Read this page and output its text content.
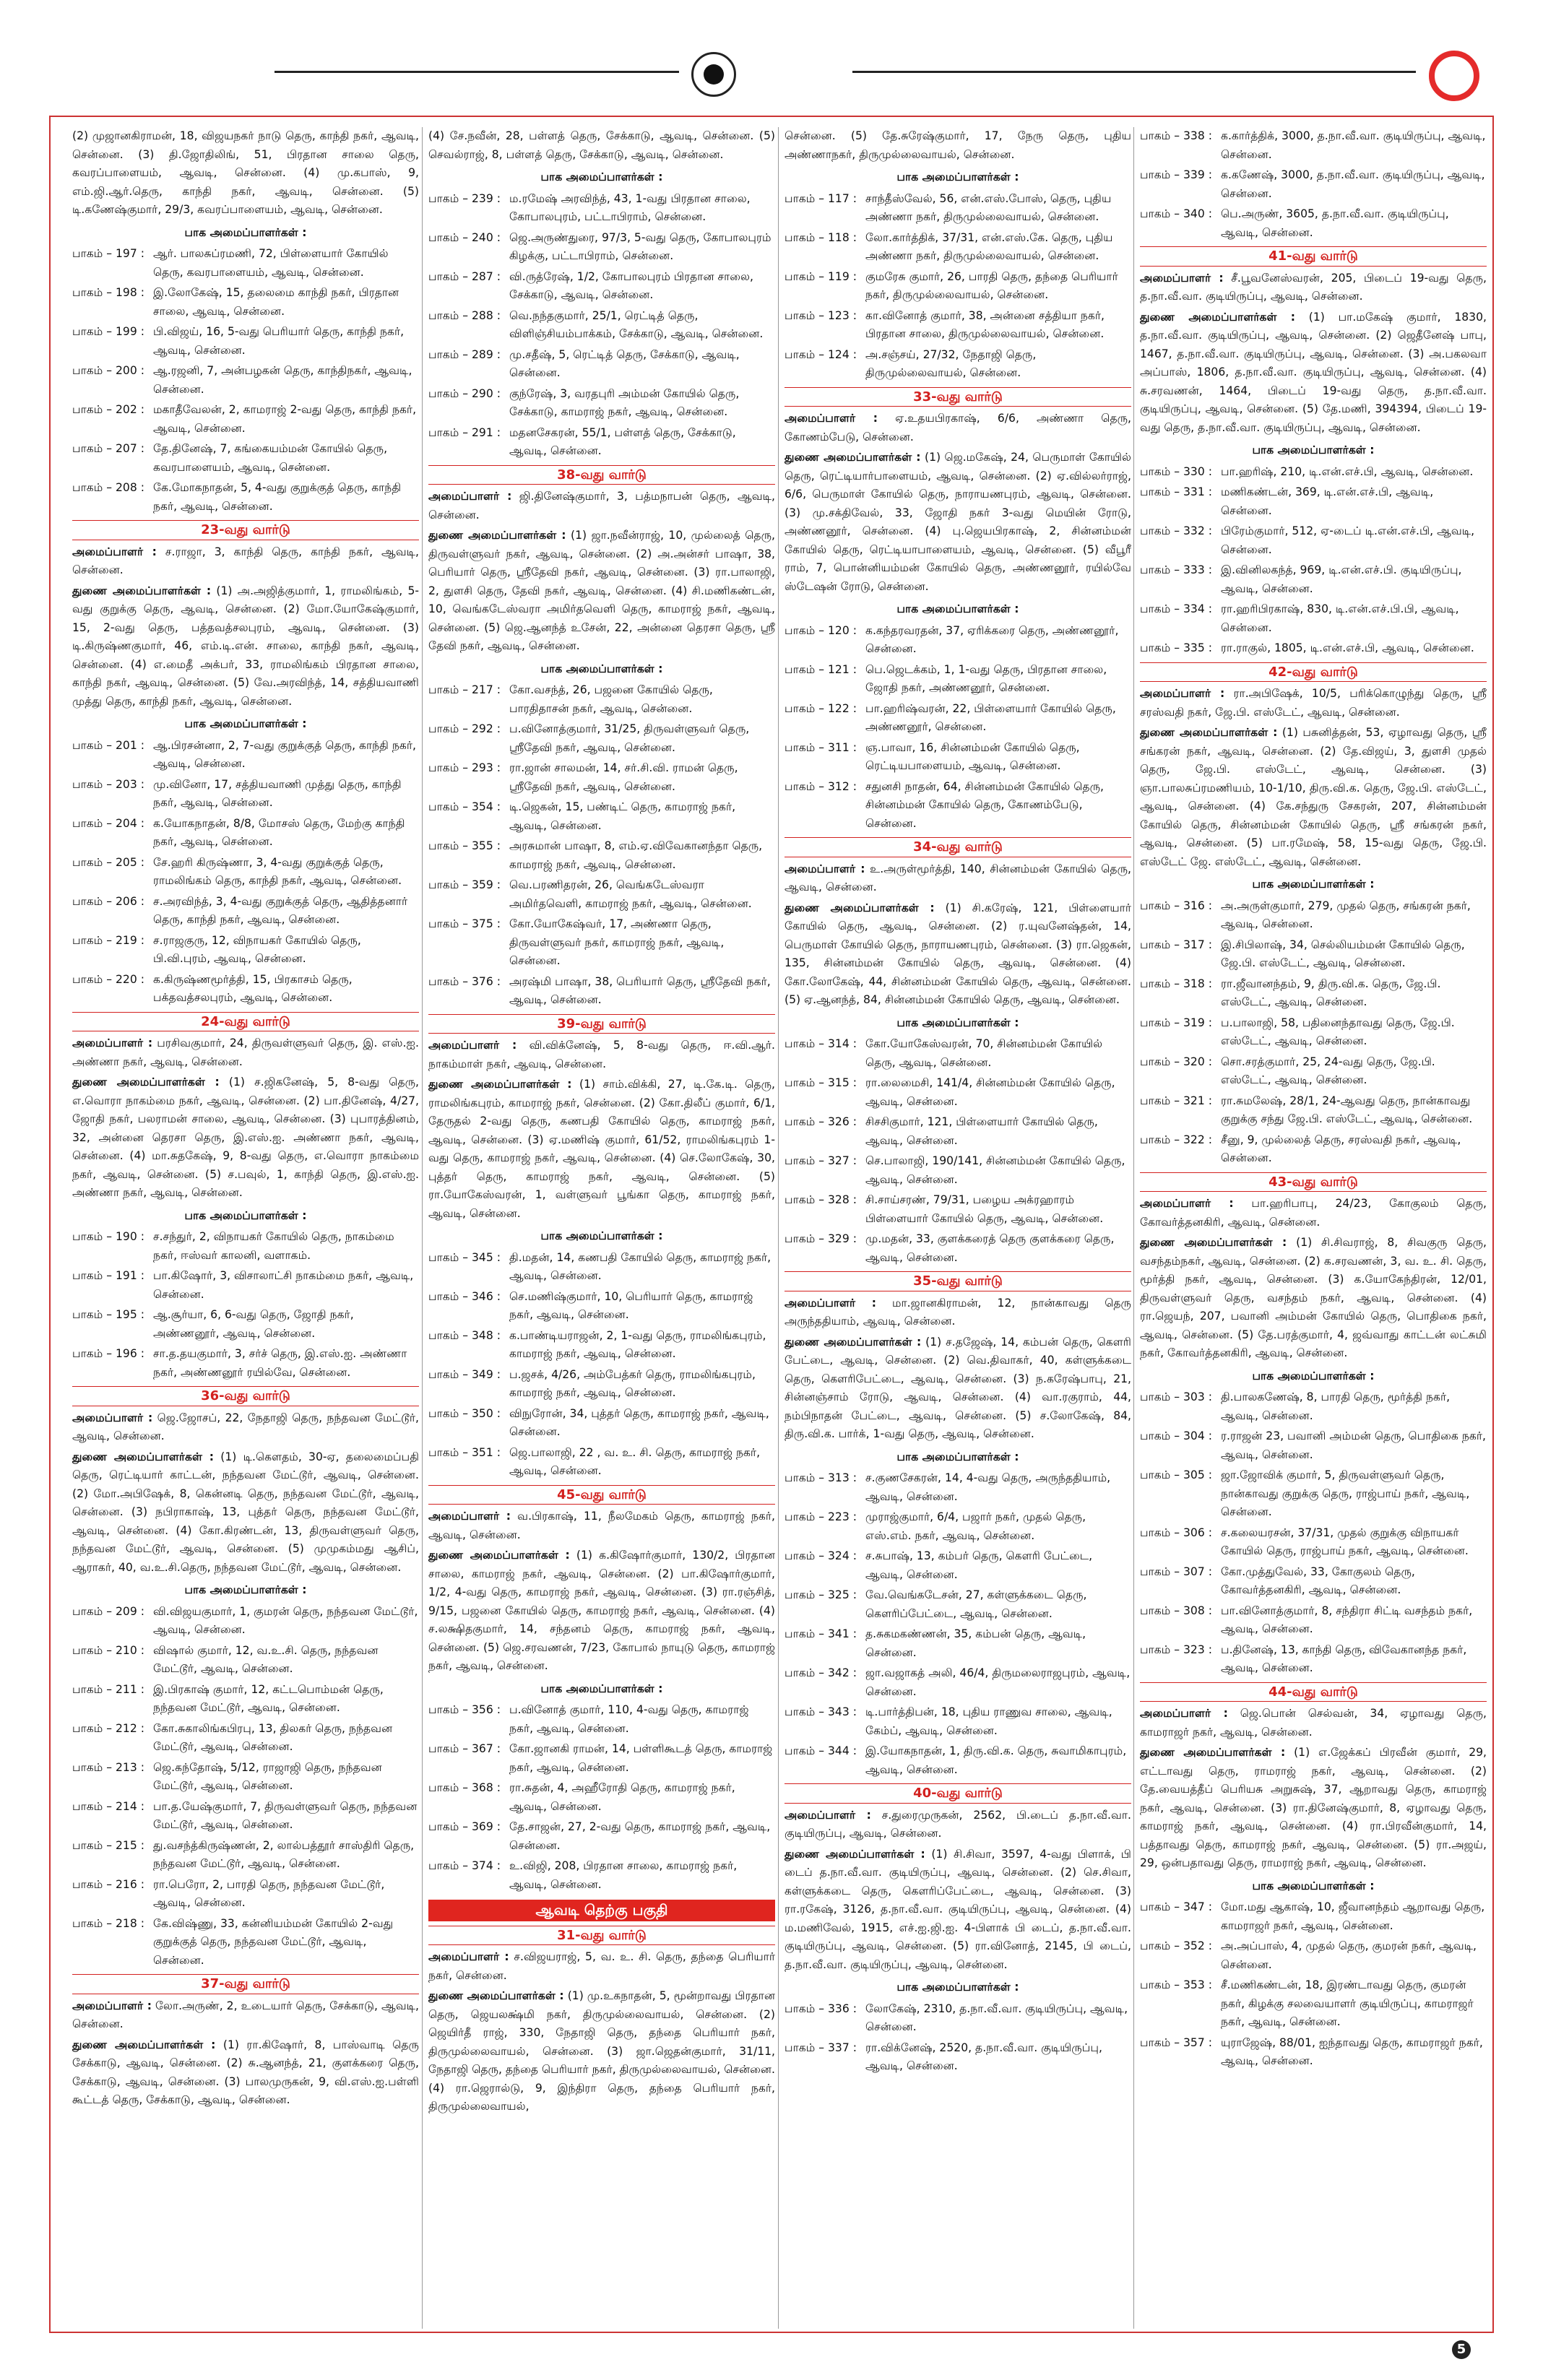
(2) முஜானகிராமன், 18, விஜயநகர் நாடு தெரு, காந்தி நகர், ஆவடி, சென்னை. (3) தி.ஜோதிலிங், 51, பிரதான சாலை தெரு, கவரப்பாளையம், ஆவடி, சென்னை. (4) மு.கபாஸ், 9, எம்.ஜி.ஆர்.தெரு, காந்தி நகர், ஆவடி, சென்னை. (5) டி.கணேஷ்குமார், 29/3, கவரப்பாளையம், ஆவடி, சென்னை.
பாக அமைப்பாளர்கள் :
பாகம் – 197 : ஆர். பாலசுப்ரமணி, 72, பிள்ளையார் கோயில் தெரு, கவரபாளையம், ஆவடி, சென்னை.
பாகம் – 198 : இ.லோகேஷ், 15, தலைமை காந்தி நகர், பிரதான சாலை, ஆவடி, சென்னை.
பாகம் – 199 : பி.விஜய், 16, 5-வது பெரியார் தெரு, காந்தி நகர், ஆவடி, சென்னை.
பாகம் – 200 : ஆ.ரஜனி, 7, அன்பழகன் தெரு, காந்திநகர், ஆவடி, சென்னை.
பாகம் – 202 : மகாதீவேலன், 2, காமராஜ் 2-வது தெரு, காந்தி நகர், ஆவடி, சென்னை.
பாகம் – 207 : தே.தினேஷ், 7, கங்கையம்மன் கோயில் தெரு, கவரபாளையம், ஆவடி, சென்னை.
பாகம் – 208 : கே.மோகநாதன், 5, 4-வது குறுக்குத் தெரு, காந்தி நகர், ஆவடி, சென்னை.
23-வது வார்டு
அமைப்பாளர் : ச.ராஜா, 3, காந்தி தெரு, காந்தி நகர், ஆவடி, சென்னை.
துணை அமைப்பாளர்கள் : (1) அ.அஜித்குமார், 1, ராமலிங்கம், 5-வது குறுக்கு தெரு, ஆவடி, சென்னை. (2) மோ.யோகேஷ்குமார், 15, 2-வது தெரு, பத்தவத்சலபுரம், ஆவடி, சென்னை. (3) டி.கிருஷ்ணகுமார், 46, எம்.டி.என். சாலை, காந்தி நகர், ஆவடி, சென்னை. (4) எ.மைதீ அக்பர், 33, ராமலிங்கம் பிரதான சாலை, காந்தி நகர், ஆவடி, சென்னை. (5) வே.அரவிந்த், 14, சத்தியவாணி முத்து தெரு, காந்தி நகர், ஆவடி, சென்னை.
பாக அமைப்பாளர்கள் :
பாகம் – 201 : ஆ.பிரசன்னா, 2, 7-வது குறுக்குத் தெரு, காந்தி நகர், ஆவடி, சென்னை.
பாகம் – 203 : மு.வினோ, 17, சத்தியவாணி முத்து தெரு, காந்தி நகர், ஆவடி, சென்னை.
பாகம் – 204 : க.யோகநாதன், 8/8, மோசஸ் தெரு, மேற்கு காந்தி நகர், ஆவடி, சென்னை.
பாகம் – 205 : சே.ஹரி கிருஷ்ணா, 3, 4-வது குறுக்குத் தெரு, ராமலிங்கம் தெரு, காந்தி நகர், ஆவடி, சென்னை.
பாகம் – 206 : ச.அரவிந்த், 3, 4-வது குறுக்குத் தெரு, ஆதித்தனார் தெரு, காந்தி நகர், ஆவடி, சென்னை.
பாகம் – 219 : ச.ராஜகுரு, 12, விநாயகர் கோயில் தெரு, பி.வி.புரம், ஆவடி, சென்னை.
பாகம் – 220 : க.கிருஷ்ணமூர்த்தி, 15, பிரகாசம் தெரு, பக்தவத்சலபுரம், ஆவடி, சென்னை.
24-வது வார்டு
அமைப்பாளர் : பரசிவகுமார், 24, திருவள்ளுவர் தெரு, இ. எஸ்.ஐ. அண்ணா நகர், ஆவடி, சென்னை.
துணை அமைப்பாளர்கள் : (1) ச.ஜிகனேஷ், 5, 8-வது தெரு, எ.வொரா நாகம்மை நகர், ஆவடி, சென்னை. (2) பா.தினேஷ், 4/27, ஜோதி நகர், பலராமன் சாலை, ஆவடி, சென்னை. (3) புபாரத்தினம், 32, அன்னை தெரசா தெரு, இ.எஸ்.ஐ. அண்ணா நகர், ஆவடி, சென்னை. (4) மா.சுதகேஷ், 9, 8-வது தெரு, எ.வொரா நாகம்மை நகர், ஆவடி, சென்னை. (5) ச.பவுல், 1, காந்தி தெரு, இ.எஸ்.ஐ. அண்ணா நகர், ஆவடி, சென்னை.
பாக அமைப்பாளர்கள் :
பாகம் – 190 : ச.சந்துர், 2, விநாயகர் கோயில் தெரு, நாகம்மை நகர், ஈஸ்வர் காலனி, வளாகம்.
பாகம் – 191 : பா.கிஷோர், 3, விசாலாட்சி நாகம்மை நகர், ஆவடி, சென்னை.
பாகம் – 195 : ஆ.சூர்யா, 6, 6-வது தெரு, ஜோதி நகர், அண்ணனூர், ஆவடி, சென்னை.
பாகம் – 196 : சா.த.தயகுமார், 3, சர்ச் தெரு, இ.எஸ்.ஐ. அண்ணா நகர், அண்ணனூர் ரயில்வே, சென்னை.
36-வது வார்டு
அமைப்பாளர் : ஜெ.ஜோசப், 22, நேதாஜி தெரு, நந்தவன மேட்டூர், ஆவடி, சென்னை.
துணை அமைப்பாளர்கள் : (1) டி.கௌதம், 30-ஏ, தலைமைப்பதி தெரு, ரெட்டியார் காட்டன், நந்தவன மேட்டூர், ஆவடி, சென்னை. (2) மோ.அபிஷேக், 8, கென்னடி தெரு, நந்தவன மேட்டூர், ஆவடி, சென்னை. (3) நபிராகாஷ், 13, புத்தர் தெரு, நந்தவன மேட்டூர், ஆவடி, சென்னை. (4) கோ.கிரண்டன், 13, திருவள்ளுவர் தெரு, நந்தவன மேட்டூர், ஆவடி, சென்னை. (5) முமுகம்மது ஆசிப், ஆராகர், 40, வ.உ.சி.தெரு, நந்தவன மேட்டூர், ஆவடி, சென்னை.
பாக அமைப்பாளர்கள் :
பாகம் – 209 : வி.விஜயகுமார், 1, குமரன் தெரு, நந்தவன மேட்டூர், ஆவடி, சென்னை.
பாகம் – 210 : விஷால் குமார், 12, வ.உ.சி. தெரு, நந்தவன மேட்டூர், ஆவடி, சென்னை.
பாகம் – 211 : இ.பிரகாஷ் குமார், 12, கட்டபொம்மன் தெரு, நந்தவன மேட்டூர், ஆவடி, சென்னை.
பாகம் – 212 : கோ.சுகாலிங்கபிரபு, 13, திலகர் தெரு, நந்தவன மேட்டூர், ஆவடி, சென்னை.
பாகம் – 213 : ஜெ.கந்தோஷ், 5/12, ராஜாஜி தெரு, நந்தவன மேட்டூர், ஆவடி, சென்னை.
பாகம் – 214 : பா.த.யேஷ்குமார், 7, திருவள்ளுவர் தெரு, நந்தவன மேட்டூர், ஆவடி, சென்னை.
பாகம் – 215 : து.வசந்த்கிருஷ்ணன், 2, லால்பத்தூர் சாஸ்திரி தெரு, நந்தவன மேட்டூர், ஆவடி, சென்னை.
பாகம் – 216 : ரா.பெரோ, 2, பாரதி தெரு, நந்தவன மேட்டூர், ஆவடி, சென்னை.
பாகம் – 218 : கே.விஷ்ணு, 33, கன்னியம்மன் கோயில் 2-வது குறுக்குத் தெரு, நந்தவன மேட்டூர், ஆவடி, சென்னை.
37-வது வார்டு
அமைப்பாளர் : லோ.அருண், 2, உடையார் தெரு, சேக்காடு, ஆவடி, சென்னை.
துணை அமைப்பாளர்கள் : (1) ரா.கிஷோர், 8, பாஸ்வாடி தெரு சேக்காடு, ஆவடி, சென்னை. (2) சு.ஆனந்த், 21, குளக்கரை தெரு, சேக்காடு, ஆவடி, சென்னை. (3) பாலமுருகன், 9, வி.எஸ்.ஐ.பள்ளி கூட்டத் தெரு, சேக்காடு, ஆவடி, சென்னை.
(4) சே.நவீன், 28, பள்ளத் தெரு, சேக்காடு, ஆவடி, சென்னை. (5) செவல்ராஜ், 8, பள்ளத் தெரு, சேக்காடு, ஆவடி, சென்னை.
பாக அமைப்பாளர்கள் :
பாகம் – 239 : ம.ரமேஷ் அரவிந்த், 43, 1-வது பிரதான சாலை, கோபாலபுரம், பட்டாபிராம், சென்னை.
பாகம் – 240 : ஜெ.அருண்துரை, 97/3, 5-வது தெரு, கோபாலபுரம் கிழக்கு, பட்டாபிராம், சென்னை.
பாகம் – 287 : வி.ருத்ரேஷ், 1/2, கோபாலபுரம் பிரதான சாலை, சேக்காடு, ஆவடி, சென்னை.
பாகம் – 288 : வெ.நந்தகுமார், 25/1, ரெட்டித் தெரு, விளிஞ்சியம்பாக்கம், சேக்காடு, ஆவடி, சென்னை.
பாகம் – 289 : மு.சதீஷ், 5, ரெட்டித் தெரு, சேக்காடு, ஆவடி, சென்னை.
பாகம் – 290 : குந்ரேஷ், 3, வரதபுரி அம்மன் கோயில் தெரு, சேக்காடு, காமராஜ் நகர், ஆவடி, சென்னை.
பாகம் – 291 : மதனசேகரன், 55/1, பள்ளத் தெரு, சேக்காடு, ஆவடி, சென்னை.
38-வது வார்டு
அமைப்பாளர் : ஜி.தினேஷ்குமார், 3, பத்மநாபன் தெரு, ஆவடி, சென்னை.
துணை அமைப்பாளர்கள் : (1) ஜா.நவீன்ராஜ், 10, முல்லைத் தெரு, திருவள்ளுவர் நகர், ஆவடி, சென்னை. (2) அ.அன்சர் பாஷா, 38, பெரியார் தெரு, ஸ்ரீதேவி நகர், ஆவடி, சென்னை. (3) ரா.பாலாஜி, 2, துளசி தெரு, தேவி நகர், ஆவடி, சென்னை. (4) சி.மணிகண்டன், 10, வெங்கடேஸ்வரா அமிர்தவெளி தெரு, காமராஜ் நகர், ஆவடி, சென்னை. (5) ஜெ.ஆனந்த் உசேன், 22, அன்னை தெரசா தெரு, ஸ்ரீ தேவி நகர், ஆவடி, சென்னை.
பாக அமைப்பாளர்கள் :
பாகம் – 217 : கோ.வசந்த், 26, பஜனை கோயில் தெரு, பாரதிதாசன் நகர், ஆவடி, சென்னை.
பாகம் – 292 : ப.வினோத்குமார், 31/25, திருவள்ளுவர் தெரு, ஸ்ரீதேவி நகர், ஆவடி, சென்னை.
பாகம் – 293 : ரா.ஜான் சாலமன், 14, சர்.சி.வி. ராமன் தெரு, ஸ்ரீதேவி நகர், ஆவடி, சென்னை.
பாகம் – 354 : டி.ஜெகன், 15, பண்டிட் தெரு, காமராஜ் நகர், ஆவடி, சென்னை.
பாகம் – 355 : அரசுமான் பாஷா, 8, எம்.ஏ.விவேகானந்தா தெரு, காமராஜ் நகர், ஆவடி, சென்னை.
பாகம் – 359 : வெ.பரணிதரன், 26, வெங்கடேஸ்வரா அமிர்தவெளி, காமராஜ் நகர், ஆவடி, சென்னை.
பாகம் – 375 : கோ.யோகேஷ்வர், 17, அண்ணா தெரு, திருவள்ளுவர் நகர், காமராஜ் நகர், ஆவடி, சென்னை.
பாகம் – 376 : அரஷ்மி பாஷா, 38, பெரியார் தெரு, ஸ்ரீதேவி நகர், ஆவடி, சென்னை.
39-வது வார்டு
அமைப்பாளர் : வி.விக்னேஷ், 5, 8-வது தெரு, ஈ.வி.ஆர். நாகம்மாள் நகர், ஆவடி, சென்னை.
துணை அமைப்பாளர்கள் : (1) சாம்.விக்கி, 27, டி.கே.டி. தெரு, ராமலிங்கபுரம், காமராஜ் நகர், சென்னை. (2) கோ.திலீப் குமார், 6/1, தேருதல் 2-வது தெரு, கணபதி கோயில் தெரு, காமராஜ் நகர், ஆவடி, சென்னை. (3) ஏ.மணிஷ் குமார், 61/52, ராமலிங்கபுரம் 1-வது தெரு, காமராஜ் நகர், ஆவடி, சென்னை. (4) செ.லோகேஷ், 30, புத்தர் தெரு, காமராஜ் நகர், ஆவடி, சென்னை. (5) ரா.யோகேஸ்வரன், 1, வள்ளுவர் பூங்கா தெரு, காமராஜ் நகர், ஆவடி, சென்னை.
பாக அமைப்பாளர்கள் :
பாகம் – 345 : தி.மதன், 14, கணபதி கோயில் தெரு, காமராஜ் நகர், ஆவடி, சென்னை.
பாகம் – 346 : செ.மணிஷ்குமார், 10, பெரியார் தெரு, காமராஜ் நகர், ஆவடி, சென்னை.
பாகம் – 348 : க.பாண்டியராஜன், 2, 1-வது தெரு, ராமலிங்கபுரம், காமராஜ் நகர், ஆவடி, சென்னை.
பாகம் – 349 : ப.ஜசக், 4/26, அம்பேத்கர் தெரு, ராமலிங்கபுரம், காமராஜ் நகர், ஆவடி, சென்னை.
பாகம் – 350 : விநுரோன், 34, புத்தர் தெரு, காமராஜ் நகர், ஆவடி, சென்னை.
பாகம் – 351 : ஜெ.பாலாஜி, 22 , வ. உ. சி. தெரு, காமராஜ் நகர், ஆவடி, சென்னை.
45-வது வார்டு
அமைப்பாளர் : வ.பிரகாஷ், 11, நீலமேகம் தெரு, காமராஜ் நகர், ஆவடி, சென்னை.
துணை அமைப்பாளர்கள் : (1) க.கிஷோர்குமார், 130/2, பிரதான சாலை, காமராஜ் நகர், ஆவடி, சென்னை. (2) பா.கிஷோர்குமார், 1/2, 4-வது தெரு, காமராஜ் நகர், ஆவடி, சென்னை. (3) ரா.ரஞ்சித், 9/15, பஜனை கோயில் தெரு, காமராஜ் நகர், ஆவடி, சென்னை. (4) ச.லக்ஷிதகுமார், 14, சந்தனம் தெரு, காமராஜ் நகர், ஆவடி, சென்னை. (5) ஜெ.சரவணன், 7/23, கோபால் நாயுடு தெரு, காமராஜ் நகர், ஆவடி, சென்னை.
பாக அமைப்பாளர்கள் :
பாகம் – 356 : ப.வினோத் குமார், 110, 4-வது தெரு, காமராஜ் நகர், ஆவடி, சென்னை.
பாகம் – 367 : கோ.ஜானகி ராமன், 14, பள்ளிகூடத் தெரு, காமராஜ் நகர், ஆவடி, சென்னை.
பாகம் – 368 : ரா.சுதன், 4, அஹீரோதி தெரு, காமராஜ் நகர், ஆவடி, சென்னை.
பாகம் – 369 : தே.சாஜன், 27, 2-வது தெரு, காமராஜ் நகர், ஆவடி, சென்னை.
பாகம் – 374 : உ.விஜி, 208, பிரதான சாலை, காமராஜ் நகர், ஆவடி, சென்னை.
ஆவடி தெற்கு பகுதி
31-வது வார்டு
அமைப்பாளர் : ச.விஜயராஜ், 5, வ. உ. சி. தெரு, தந்தை பெரியார் நகர், சென்னை.
துணை அமைப்பாளர்கள் : (1) மு.உகநாதன், 5, மூன்றாவது பிரதான தெரு, ஜெயலக்ஷ்மி நகர், திருமுல்லைவாயல், சென்னை. (2) ஜெயிர்தீ ராஜ், 330, நேதாஜி தெரு, தந்தை பெரியார் நகர், திருமுல்லைவாயல், சென்னை. (3) ஜா.ஜெதன்குமார், 31/11, நேதாஜி தெரு, தந்தை பெரியார் நகர், திருமுல்லைவாயல், சென்னை. (4) ரா.ஜெரால்டு, 9, இந்திரா தெரு, தந்தை பெரியார் நகர், திருமுல்லைவாயல்,
சென்னை. (5) தே.சுரேஷ்குமார், 17, நேரு தெரு, புதிய அண்ணாநகர், திருமுல்லைவாயல், சென்னை.
பாக அமைப்பாளர்கள் :
பாகம் – 117 : சாந்தீஸ்வேல், 56, என்.எஸ்.போஸ், தெரு, புதிய அண்ணா நகர், திருமுல்லைவாயல், சென்னை.
பாகம் – 118 : லோ.கார்த்திக், 37/31, என்.எஸ்.கே. தெரு, புதிய அண்ணா நகர், திருமுல்லைவாயல், சென்னை.
பாகம் – 119 : குமரேசு குமார், 26, பாரதி தெரு, தந்தை பெரியார் நகர், திருமுல்லைவாயல், சென்னை.
பாகம் – 123 : கா.வினோத் குமார், 38, அன்னை சத்தியா நகர், பிரதான சாலை, திருமுல்லைவாயல், சென்னை.
பாகம் – 124 : அ.சஞ்சய், 27/32, நேதாஜி தெரு, திருமுல்லைவாயல், சென்னை.
33-வது வார்டு
அமைப்பாளர் : ஏ.உதயபிரகாஷ், 6/6, அண்ணா தெரு, கோணம்பேடு, சென்னை.
துணை அமைப்பாளர்கள் : (1) ஜெ.மகேஷ், 24, பெருமாள் கோயில் தெரு, ரெட்டியார்பாளையம், ஆவடி, சென்னை. (2) ஏ.வில்லர்ராஜ், 6/6, பெருமாள் கோயில் தெரு, நாராயணபுரம், ஆவடி, சென்னை. (3) மு.சக்திவேல், 33, ஜோதி நகர் 3-வது மெயின் ரோடு, அண்ணனூர், சென்னை. (4) பு.ஜெயபிரகாஷ், 2, சின்னம்மன் கோயில் தெரு, ரெட்டியாபாளையம், ஆவடி, சென்னை. (5) வீபூரீ ராம், 7, பொன்னியம்மன் கோயில் தெரு, அண்ணனூர், ரயில்வே ஸ்டேஷன் ரோடு, சென்னை.
பாக அமைப்பாளர்கள் :
பாகம் – 120 : க.கந்தரவரதன், 37, ஏரிக்கரை தெரு, அண்ணனூர், சென்னை.
பாகம் – 121 : பெ.ஜெடக்கம், 1, 1-வது தெரு, பிரதான சாலை, ஜோதி நகர், அண்ணனூர், சென்னை.
பாகம் – 122 : பா.ஹரிஷ்வரன், 22, பிள்ளையார் கோயில் தெரு, அண்ணனூர், சென்னை.
பாகம் – 311 : ஞ.பாவா, 16, சின்னம்மன் கோயில் தெரு, ரெட்டியபாளையம், ஆவடி, சென்னை.
பாகம் – 312 : சதுனசி நாதன், 64, சின்னம்மன் கோயில் தெரு, சின்னம்மன் கோயில் தெரு, கோணம்பேடு, சென்னை.
34-வது வார்டு
அமைப்பாளர் : உ.அருள்மூர்த்தி, 140, சின்னம்மன் கோயில் தெரு, ஆவடி, சென்னை.
துணை அமைப்பாளர்கள் : (1) சி.கரேஷ், 121, பிள்ளையார் கோயில் தெரு, ஆவடி, சென்னை. (2) ர.யுவனேஷ்தன், 14, பெருமாள் கோயில் தெரு, நாராயணபுரம், சென்னை. (3) ரா.ஜெகன், 135, சின்னம்மன் கோயில் தெரு, ஆவடி, சென்னை. (4) கோ.லோகேஷ், 44, சின்னம்மன் கோயில் தெரு, ஆவடி, சென்னை. (5) ஏ.ஆனந்த், 84, சின்னம்மன் கோயில் தெரு, ஆவடி, சென்னை.
பாக அமைப்பாளர்கள் :
பாகம் – 314 : கோ.யோகேஸ்வரன், 70, சின்னம்மன் கோயில் தெரு, ஆவடி, சென்னை.
பாகம் – 315 : ரா.லைமைசி, 141/4, சின்னம்மன் கோயில் தெரு, ஆவடி, சென்னை.
பாகம் – 326 : சிசசிகுமார், 121, பிள்ளையார் கோயில் தெரு, ஆவடி, சென்னை.
பாகம் – 327 : செ.பாலாஜி, 190/141, சின்னம்மன் கோயில் தெரு, ஆவடி, சென்னை.
பாகம் – 328 : சி.சாய்சரண், 79/31, பழைய அக்ரஹாரம் பிள்ளையார் கோயில் தெரு, ஆவடி, சென்னை.
பாகம் – 329 : மு.மதன், 33, குளக்கரைத் தெரு குளக்கரை தெரு, ஆவடி, சென்னை.
35-வது வார்டு
அமைப்பாளர் : மா.ஜானகிராமன், 12, நான்காவது தெரு அருந்ததியாம், ஆவடி, சென்னை.
துணை அமைப்பாளர்கள் : (1) ச.தஜேஷ், 14, கம்பன் தெரு, கௌரி பேட்டை, ஆவடி, சென்னை. (2) வெ.திவாகர், 40, கள்ளுக்கடை தெரு, கௌரிபேட்டை, ஆவடி, சென்னை. (3) ந.கரேஷ்பாபு, 21, சின்னஞ்சாம் ரோடு, ஆவடி, சென்னை. (4) வா.ரகுராம், 44, நம்பிநாதன் பேட்டை, ஆவடி, சென்னை. (5) ச.லோகேஷ், 84, திரு.வி.க. பார்க், 1-வது தெரு, ஆவடி, சென்னை.
பாக அமைப்பாளர்கள் :
பாகம் – 313 : ச.குணசேகரன், 14, 4-வது தெரு, அருந்ததியாம், ஆவடி, சென்னை.
பாகம் – 223 : முராஜ்குமார், 6/4, பஜார் நகர், முதல் தெரு, எஸ்.எம். நகர், ஆவடி, சென்னை.
பாகம் – 324 : ச.சுபாஷ், 13, கம்பர் தெரு, கௌரி பேட்டை, ஆவடி, சென்னை.
பாகம் – 325 : வே.வெங்கடேசன், 27, கள்ளுக்கடை தெரு, கௌரிப்பேட்டை, ஆவடி, சென்னை.
பாகம் – 341 : த.சுகமகண்ணன், 35, கம்பன் தெரு, ஆவடி, சென்னை.
பாகம் – 342 : ஜா.வஜாகத் அலி, 46/4, திருமலைராஜபுரம், ஆவடி, சென்னை.
பாகம் – 343 : டி.பார்த்திபன், 18, புதிய ராணுவ சாலை, ஆவடி, கேம்ப், ஆவடி, சென்னை.
பாகம் – 344 : இ.யோகநாதன், 1, திரு.வி.க. தெரு, சுவாமிகாபுரம், ஆவடி, சென்னை.
40-வது வார்டு
அமைப்பாளர் : ச.துரைமுருகன், 2562, பி.டைப் த.நா.வீ.வா. குடியிருப்பு, ஆவடி, சென்னை.
துணை அமைப்பாளர்கள் : (1) சி.சிவா, 3597, 4-வது பிளாக், பி டைப் த.நா.வீ.வா. குடியிருப்பு, ஆவடி, சென்னை. (2) செ.சிவா, கள்ளுக்கடை தெரு, கௌரிப்பேட்டை, ஆவடி, சென்னை. (3) ரா.ரகேஷ், 3126, த.நா.வீ.வா. குடியிருப்பு, ஆவடி, சென்னை. (4) ம.மணிவேல், 1915, எச்.ஐ.ஜி.ஐ. 4-பிளாக் பி டைப், த.நா.வீ.வா. குடியிருப்பு, ஆவடி, சென்னை. (5) ரா.வினோத், 2145, பி டைப், த.நா.வீ.வா. குடியிருப்பு, ஆவடி, சென்னை.
பாக அமைப்பாளர்கள் :
பாகம் – 336 : லோகேஷ், 2310, த.நா.வீ.வா. குடியிருப்பு, ஆவடி, சென்னை.
பாகம் – 337 : ரா.விக்னேஷ், 2520, த.நா.வீ.வா. குடியிருப்பு, ஆவடி, சென்னை.
பாகம் – 338 : க.கார்த்திக், 3000, த.நா.வீ.வா. குடியிருப்பு, ஆவடி, சென்னை.
பாகம் – 339 : க.கணேஷ், 3000, த.நா.வீ.வா. குடியிருப்பு, ஆவடி, சென்னை.
பாகம் – 340 : பெ.அருண், 3605, த.நா.வீ.வா. குடியிருப்பு, ஆவடி, சென்னை.
41-வது வார்டு
அமைப்பாளர் : சீ.பூவனேஸ்வரன், 205, பிடைப் 19-வது தெரு, த.நா.வீ.வா. குடியிருப்பு, ஆவடி, சென்னை.
துணை அமைப்பாளர்கள் : (1) பா.மகேஷ் குமார், 1830, த.நா.வீ.வா. குடியிருப்பு, ஆவடி, சென்னை. (2) ஜெதீனேஷ் பாபு, 1467, த.நா.வீ.வா. குடியிருப்பு, ஆவடி, சென்னை. (3) அ.பகலவா அப்பாஸ், 1806, த.நா.வீ.வா. குடியிருப்பு, ஆவடி, சென்னை. (4) சு.சரவணன், 1464, பிடைப் 19-வது தெரு, த.நா.வீ.வா. குடியிருப்பு, ஆவடி, சென்னை. (5) தே.மணி, 394394, பிடைப் 19-வது தெரு, த.நா.வீ.வா. குடியிருப்பு, ஆவடி, சென்னை.
பாக அமைப்பாளர்கள் :
பாகம் – 330 : பா.ஹரிஷ், 210, டி.என்.எச்.பி, ஆவடி, சென்னை.
பாகம் – 331 : மணிகண்டன், 369, டி.என்.எச்.பி, ஆவடி, சென்னை.
பாகம் – 332 : பிரேம்குமார், 512, ஏ-டைப் டி.என்.எச்.பி, ஆவடி, சென்னை.
பாகம் – 333 : இ.வினிலகந்த், 969, டி.என்.எச்.பி. குடியிருப்பு, ஆவடி, சென்னை.
பாகம் – 334 : ரா.ஹரிபிரகாஷ், 830, டி.என்.எச்.பி.பி, ஆவடி, சென்னை.
பாகம் – 335 : ரா.ராகுல், 1805, டி.என்.எச்.பி, ஆவடி, சென்னை.
42-வது வார்டு
அமைப்பாளர் : ரா.அபிஷேக், 10/5, பரிக்கொழுந்து தெரு, ஸ்ரீ சரஸ்வதி நகர், ஜே.பி. எஸ்டேட், ஆவடி, சென்னை.
துணை அமைப்பாளர்கள் : (1) பசுனித்தன், 53, ஏழாவது தெரு, ஸ்ரீ சங்கரன் நகர், ஆவடி, சென்னை. (2) தே.விஜய், 3, துளசி முதல் தெரு, ஜே.பி. எஸ்டேட், ஆவடி, சென்னை. (3) ஞா.பாலசுப்ரமணியம், 10-1/10, திரு.வி.க. தெரு, ஜே.பி. எஸ்டேட், ஆவடி, சென்னை. (4) கே.சந்துரு சேகரன், 207, சின்னம்மன் கோயில் தெரு, சின்னம்மன் கோயில் தெரு, ஸ்ரீ சங்கரன் நகர், ஆவடி, சென்னை. (5) பா.ரமேஷ், 58, 15-வது தெரு, ஜே.பி. எஸ்டேட் ஜே. எஸ்டேட், ஆவடி, சென்னை.
பாக அமைப்பாளர்கள் :
பாகம் – 316 : அ.அருள்குமார், 279, முதல் தெரு, சங்கரன் நகர், ஆவடி, சென்னை.
பாகம் – 317 : இ.சிபிலாஷ், 34, செல்லியம்மன் கோயில் தெரு, ஜே.பி. எஸ்டேட், ஆவடி, சென்னை.
பாகம் – 318 : ரா.ஜீவானந்தம், 9, திரு.வி.க. தெரு, ஜே.பி. எஸ்டேட், ஆவடி, சென்னை.
பாகம் – 319 : ப.பாலாஜி, 58, பதினைந்தாவது தெரு, ஜே.பி. எஸ்டேட், ஆவடி, சென்னை.
பாகம் – 320 : சொ.சரத்குமார், 25, 24-வது தெரு, ஜே.பி. எஸ்டேட், ஆவடி, சென்னை.
பாகம் – 321 : ரா.சுமலேஷ், 28/1, 24-ஆவது தெரு, நான்காவது குறுக்கு சந்து ஜே.பி. எஸ்டேட், ஆவடி, சென்னை.
பாகம் – 322 : சீனு, 9, முல்லைத் தெரு, சரஸ்வதி நகர், ஆவடி, சென்னை.
43-வது வார்டு
அமைப்பாளர் : பா.ஹரிபாபு, 24/23, கோகுலம் தெரு, கோவர்த்தனகிரி, ஆவடி, சென்னை.
துணை அமைப்பாளர்கள் : (1) சி.சிவராஜ், 8, சிவகுரு தெரு, வசந்தம்நகர், ஆவடி, சென்னை. (2) க.சரவணன், 3, வ. உ. சி. தெரு, மூர்த்தி நகர், ஆவடி, சென்னை. (3) க.யோகேந்திரன், 12/01, திருவள்ளுவர் தெரு, வசந்தம் நகர், ஆவடி, சென்னை. (4) ரா.ஜெயந், 207, பவானி அம்மன் கோயில் தெரு, பொதிகை நகர், ஆவடி, சென்னை. (5) தே.பரத்குமார், 4, ஜவ்வாது காட்டன் லட்சுமி நகர், கோவர்த்தனகிரி, ஆவடி, சென்னை.
பாக அமைப்பாளர்கள் :
பாகம் – 303 : தி.பாலகணேஷ், 8, பாரதி தெரு, மூர்த்தி நகர், ஆவடி, சென்னை.
பாகம் – 304 : ர.ராஜன் 23, பவானி அம்மன் தெரு, பொதிகை நகர், ஆவடி, சென்னை.
பாகம் – 305 : ஜா.ஜோவிக் குமார், 5, திருவள்ளுவர் தெரு, நான்காவது குறுக்கு தெரு, ராஜ்பாய் நகர், ஆவடி, சென்னை.
பாகம் – 306 : ச.கலையரசன், 37/31, முதல் குறுக்கு விநாயகர் கோயில் தெரு, ராஜ்பாய் நகர், ஆவடி, சென்னை.
பாகம் – 307 : கோ.முத்துவேல், 33, கோகுலம் தெரு, கோவர்த்தனகிரி, ஆவடி, சென்னை.
பாகம் – 308 : பா.வினோத்குமார், 8, சந்திரா சிட்டி வசந்தம் நகர், ஆவடி, சென்னை.
பாகம் – 323 : ப.தினேஷ், 13, காந்தி தெரு, விவேகானந்த நகர், ஆவடி, சென்னை.
44-வது வார்டு
அமைப்பாளர் : ஜெ.பொன் செல்வன், 34, ஏழாவது தெரு, காமராஜர் நகர், ஆவடி, சென்னை.
துணை அமைப்பாளர்கள் : (1) எ.ஜேக்கப் பிரவீன் குமார், 29, எட்டாவது தெரு, ராமராஜ் நகர், ஆவடி, சென்னை. (2) தே.வையத்தீப் பெரியசு அறுசுஷ், 37, ஆறாவது தெரு, காமராஜ் நகர், ஆவடி, சென்னை. (3) ரா.தினேஷ்குமார், 8, ஏழாவது தெரு, காமராஜ் நகர், ஆவடி, சென்னை. (4) ரா.பிரவீன்குமார், 14, பத்தாவது தெரு, காமராஜ் நகர், ஆவடி, சென்னை. (5) ரா.அஜய், 29, ஒன்பதாவது தெரு, ராமராஜ் நகர், ஆவடி, சென்னை.
பாக அமைப்பாளர்கள் :
பாகம் – 347 : மோ.மது ஆகாஷ், 10, ஜீவானந்தம் ஆறாவது தெரு, காமராஜர் நகர், ஆவடி, சென்னை.
பாகம் – 352 : அ.அப்பாஸ், 4, முதல் தெரு, குமரன் நகர், ஆவடி, சென்னை.
பாகம் – 353 : சீ.மணிகண்டன், 18, இரண்டாவது தெரு, குமரன் நகர், கிழக்கு சலவையாளர் குடியிருப்பு, காமராஜர் நகர், ஆவடி, சென்னை.
பாகம் – 357 : யுராஜேஷ், 88/01, ஐந்தாவது தெரு, காமராஜர் நகர், ஆவடி, சென்னை.
5
